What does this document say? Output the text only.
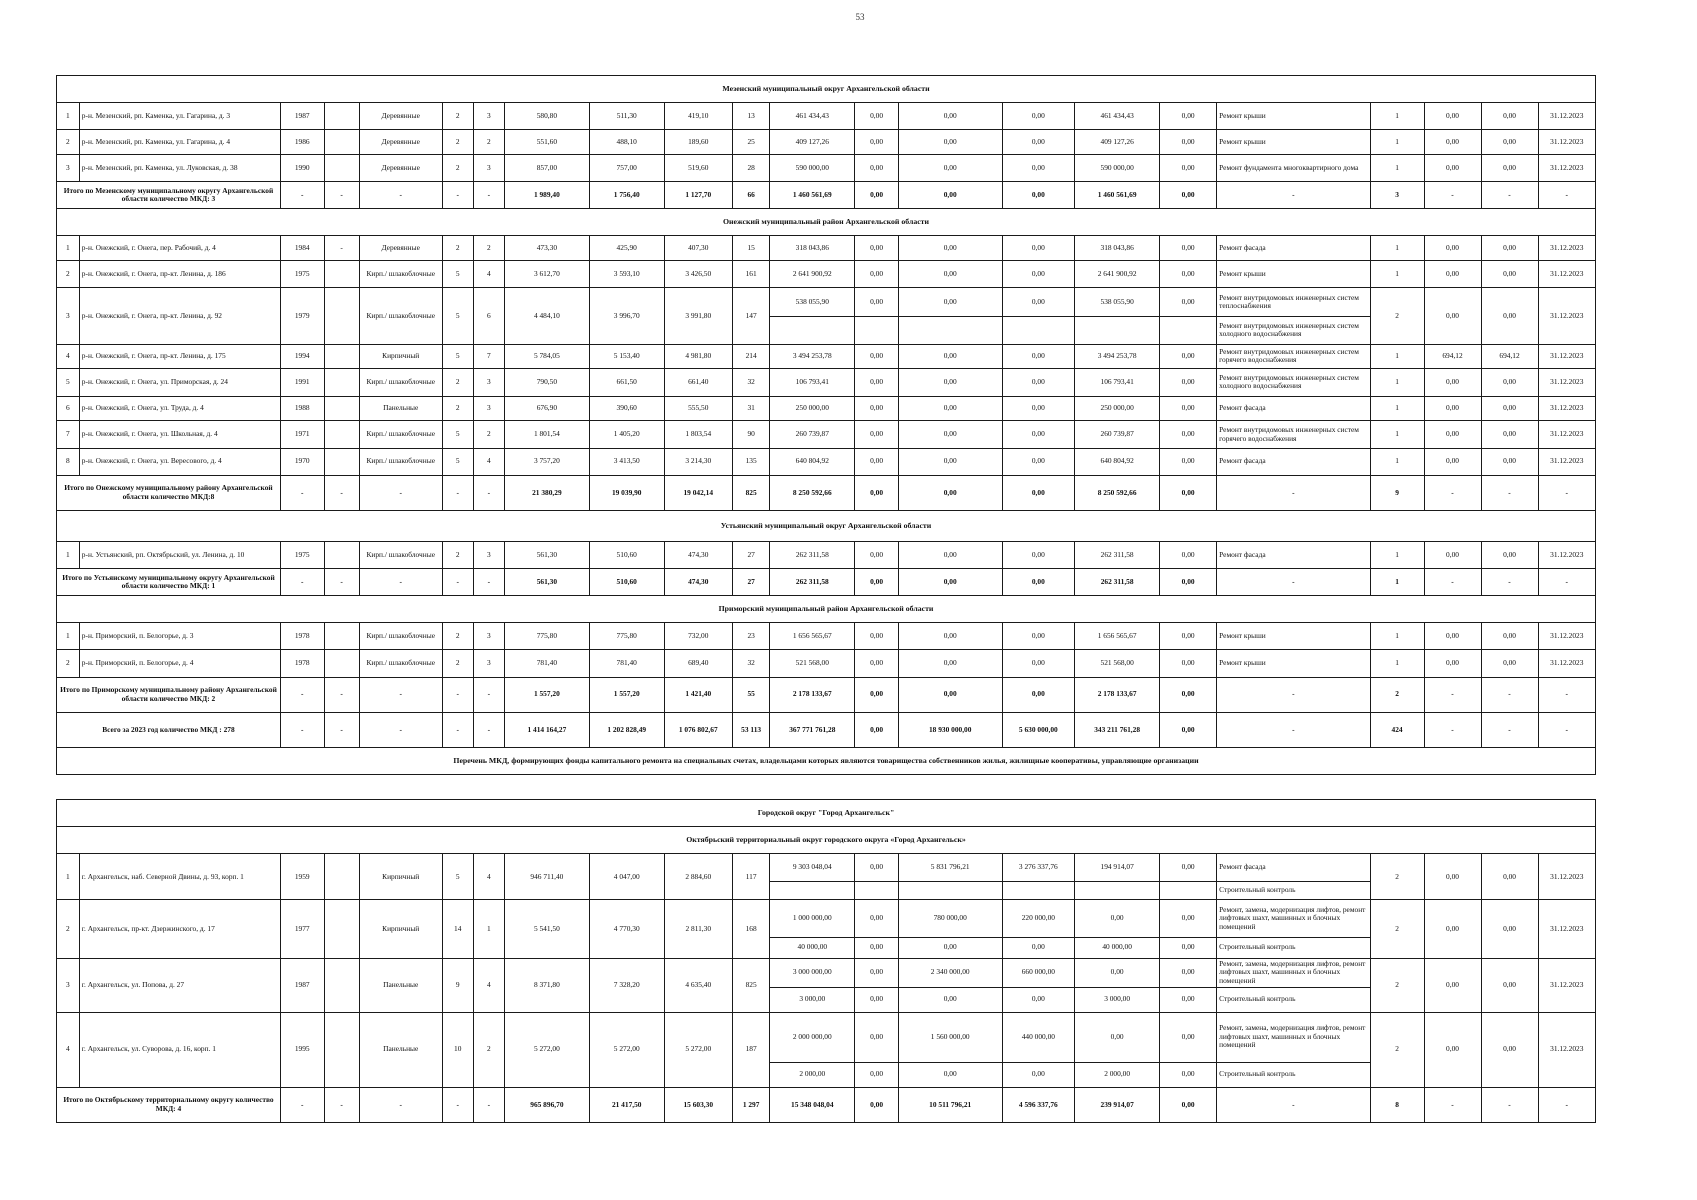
53

Мезенский муниципальный округ Архангельской области																					
1	р-н. Мезенский, рп. Каменка, ул. Гагарина, д. 3	1987		Деревянные	2	3	580,80	511,30	419,10	13	461 434,43	0,00	0,00	0,00	461 434,43	0,00	Ремонт крыши	1	0,00	0,00	31.12.2023
2	р-н. Мезенский, рп. Каменка, ул. Гагарина, д. 4	1986		Деревянные	2	2	551,60	488,10	189,60	25	409 127,26	0,00	0,00	0,00	409 127,26	0,00	Ремонт крыши	1	0,00	0,00	31.12.2023
3	р-н. Мезенский, рп. Каменка, ул. Луковская, д. 38	1990		Деревянные	2	3	857,00	757,00	519,60	28	590 000,00	0,00	0,00	0,00	590 000,00	0,00	Ремонт фундамента многоквартирного дома	1	0,00	0,00	31.12.2023
Итого по Мезенскому муниципальному округу Архангельской области количество МКД: 3		-	-	-	-	-	1 989,40	1 756,40	1 127,70	66	1 460 561,69	0,00	0,00	0,00	1 460 561,69	0,00	-	3	-	-	-
Онежский муниципальный район Архангельской области																					
1	р-н. Онежский, г. Онега, пер. Рабочий, д. 4	1984	-	Деревянные	2	2	473,30	425,90	407,30	15	318 043,86	0,00	0,00	0,00	318 043,86	0,00	Ремонт фасада	1	0,00	0,00	31.12.2023
2	р-н. Онежский, г. Онега, пр-кт. Ленина, д. 186	1975		Кирп./ шлакоблочные	5	4	3 612,70	3 593,10	3 426,50	161	2 641 900,92	0,00	0,00	0,00	2 641 900,92	0,00	Ремонт крыши	1	0,00	0,00	31.12.2023
3	р-н. Онежский, г. Онега, пр-кт. Ленина, д. 92	1979		Кирп./ шлакоблочные	5	6	4 484,10	3 996,70	3 991,80	147	538 055,90	0,00	0,00	0,00	538 055,90	0,00	Ремонт внутридомовых инженерных систем теплоснабжения	2	0,00	0,00	31.12.2023
																	Ремонт внутридомовых инженерных систем холодного водоснабжения				
4	р-н. Онежский, г. Онега, пр-кт. Ленина, д. 175	1994		Кирпичный	5	7	5 784,05	5 153,40	4 981,80	214	3 494 253,78	0,00	0,00	0,00	3 494 253,78	0,00	Ремонт внутридомовых инженерных систем горячего водоснабжения	1	694,12	694,12	31.12.2023
5	р-н. Онежский, г. Онега, ул. Приморская, д. 24	1991		Кирп./ шлакоблочные	2	3	790,50	661,50	661,40	32	106 793,41	0,00	0,00	0,00	106 793,41	0,00	Ремонт внутридомовых инженерных систем холодного водоснабжения	1	0,00	0,00	31.12.2023
6	р-н. Онежский, г. Онега, ул. Труда, д. 4	1988		Панельные	2	3	676,90	390,60	555,50	31	250 000,00	0,00	0,00	0,00	250 000,00	0,00	Ремонт фасада	1	0,00	0,00	31.12.2023
7	р-н. Онежский, г. Онега, ул. Школьная, д. 4	1971		Кирп./ шлакоблочные	5	2	1 801,54	1 405,20	1 803,54	90	260 739,87	0,00	0,00	0,00	260 739,87	0,00	Ремонт внутридомовых инженерных систем горячего водоснабжения	1	0,00	0,00	31.12.2023
8	р-н. Онежский, г. Онега, ул. Вересового, д. 4	1970		Кирп./ шлакоблочные	5	4	3 757,20	3 413,50	3 214,30	135	640 804,92	0,00	0,00	0,00	640 804,92	0,00	Ремонт фасада	1	0,00	0,00	31.12.2023
Итого по Онежскому муниципальному району Архангельской области количество МКД:8		-	-	-	-	-	21 380,29	19 039,90	19 042,14	825	8 250 592,66	0,00	0,00	0,00	8 250 592,66	0,00	-	9	-	-	-
Устьянский муниципальный округ Архангельской области																					
1	р-н. Устьянский, рп. Октябрьский, ул. Ленина, д. 10	1975		Кирп./ шлакоблочные	2	3	561,30	510,60	474,30	27	262 311,58	0,00	0,00	0,00	262 311,58	0,00	Ремонт фасада	1	0,00	0,00	31.12.2023
Итого по Устьянскому муниципальному округу Архангельской области количество МКД: 1		-	-	-	-	-	561,30	510,60	474,30	27	262 311,58	0,00	0,00	0,00	262 311,58	0,00	-	1	-	-	-
Приморский муниципальный район Архангельской области																					
1	р-н. Приморский, п. Белогорье, д. 3	1978		Кирп./ шлакоблочные	2	3	775,80	775,80	732,00	23	1 656 565,67	0,00	0,00	0,00	1 656 565,67	0,00	Ремонт крыши	1	0,00	0,00	31.12.2023
2	р-н. Приморский, п. Белогорье, д. 4	1978		Кирп./ шлакоблочные	2	3	781,40	781,40	689,40	32	521 568,00	0,00	0,00	0,00	521 568,00	0,00	Ремонт крыши	1	0,00	0,00	31.12.2023
Итого по Приморскому муниципальному району Архангельской области количество МКД: 2		-	-	-	-	-	1 557,20	1 557,20	1 421,40	55	2 178 133,67	0,00	0,00	0,00	2 178 133,67	0,00	-	2	-	-	-
Всего за 2023 год количество МКД : 278		-	-	-	-	-	1 414 164,27	1 202 828,49	1 076 802,67	53 113	367 771 761,28	0,00	18 930 000,00	5 630 000,00	343 211 761,28	0,00	-	424	-	-	-
Перечень МКД, формирующих фонды капитального ремонта на специальных счетах, владельцами которых являются товарищества собственников жилья, жилищные кооперативы, управляющие организации																					

Городской округ "Город Архангельск"																					
Октябрьский территориальный округ городского округа «Город Архангельск»																					
1	г. Архангельск, наб. Северной Двины, д. 93, корп. 1	1959		Кирпичный	5	4	946 711,40	4 047,00	2 884,60	117	9 303 048,04	0,00	5 831 796,21	3 276 337,76	194 914,07	0,00	Ремонт фасада	2	0,00	0,00	31.12.2023
																	Строительный контроль				
2	г. Архангельск, пр-кт. Дзержинского, д. 17	1977		Кирпичный	14	1	5 541,50	4 770,30	2 811,30	168	1 000 000,00	0,00	780 000,00	220 000,00	0,00	0,00	Ремонт, замена, модернизация лифтов, ремонт лифтовых шахт, машинных и блочных помещений	2	0,00	0,00	31.12.2023
											40 000,00	0,00	0,00	0,00	40 000,00	0,00	Строительный контроль				
3	г. Архангельск, ул. Попова, д. 27	1987		Панельные	9	4	8 371,80	7 328,20	4 635,40	825	3 000 000,00	0,00	2 340 000,00	660 000,00	0,00	0,00	Ремонт, замена, модернизация лифтов, ремонт лифтовых шахт, машинных и блочных помещений	2	0,00	0,00	31.12.2023
											3 000,00	0,00	0,00	0,00	3 000,00	0,00	Строительный контроль				
4	г. Архангельск, ул. Суворова, д. 16, корп. 1	1995		Панельные	10	2	5 272,00	5 272,00	5 272,00	187	2 000 000,00	0,00	1 560 000,00	440 000,00	0,00	0,00	Ремонт, замена, модернизация лифтов, ремонт лифтовых шахт, машинных и блочных помещений	2	0,00	0,00	31.12.2023
											2 000,00	0,00	0,00	0,00	2 000,00	0,00	Строительный контроль				
Итого по Октябрьскому территориальному округу количество МКД: 4		-	-	-	-	-	965 896,70	21 417,50	15 603,30	1 297	15 348 048,04	0,00	10 511 796,21	4 596 337,76	239 914,07	0,00	-	8	-	-	-
